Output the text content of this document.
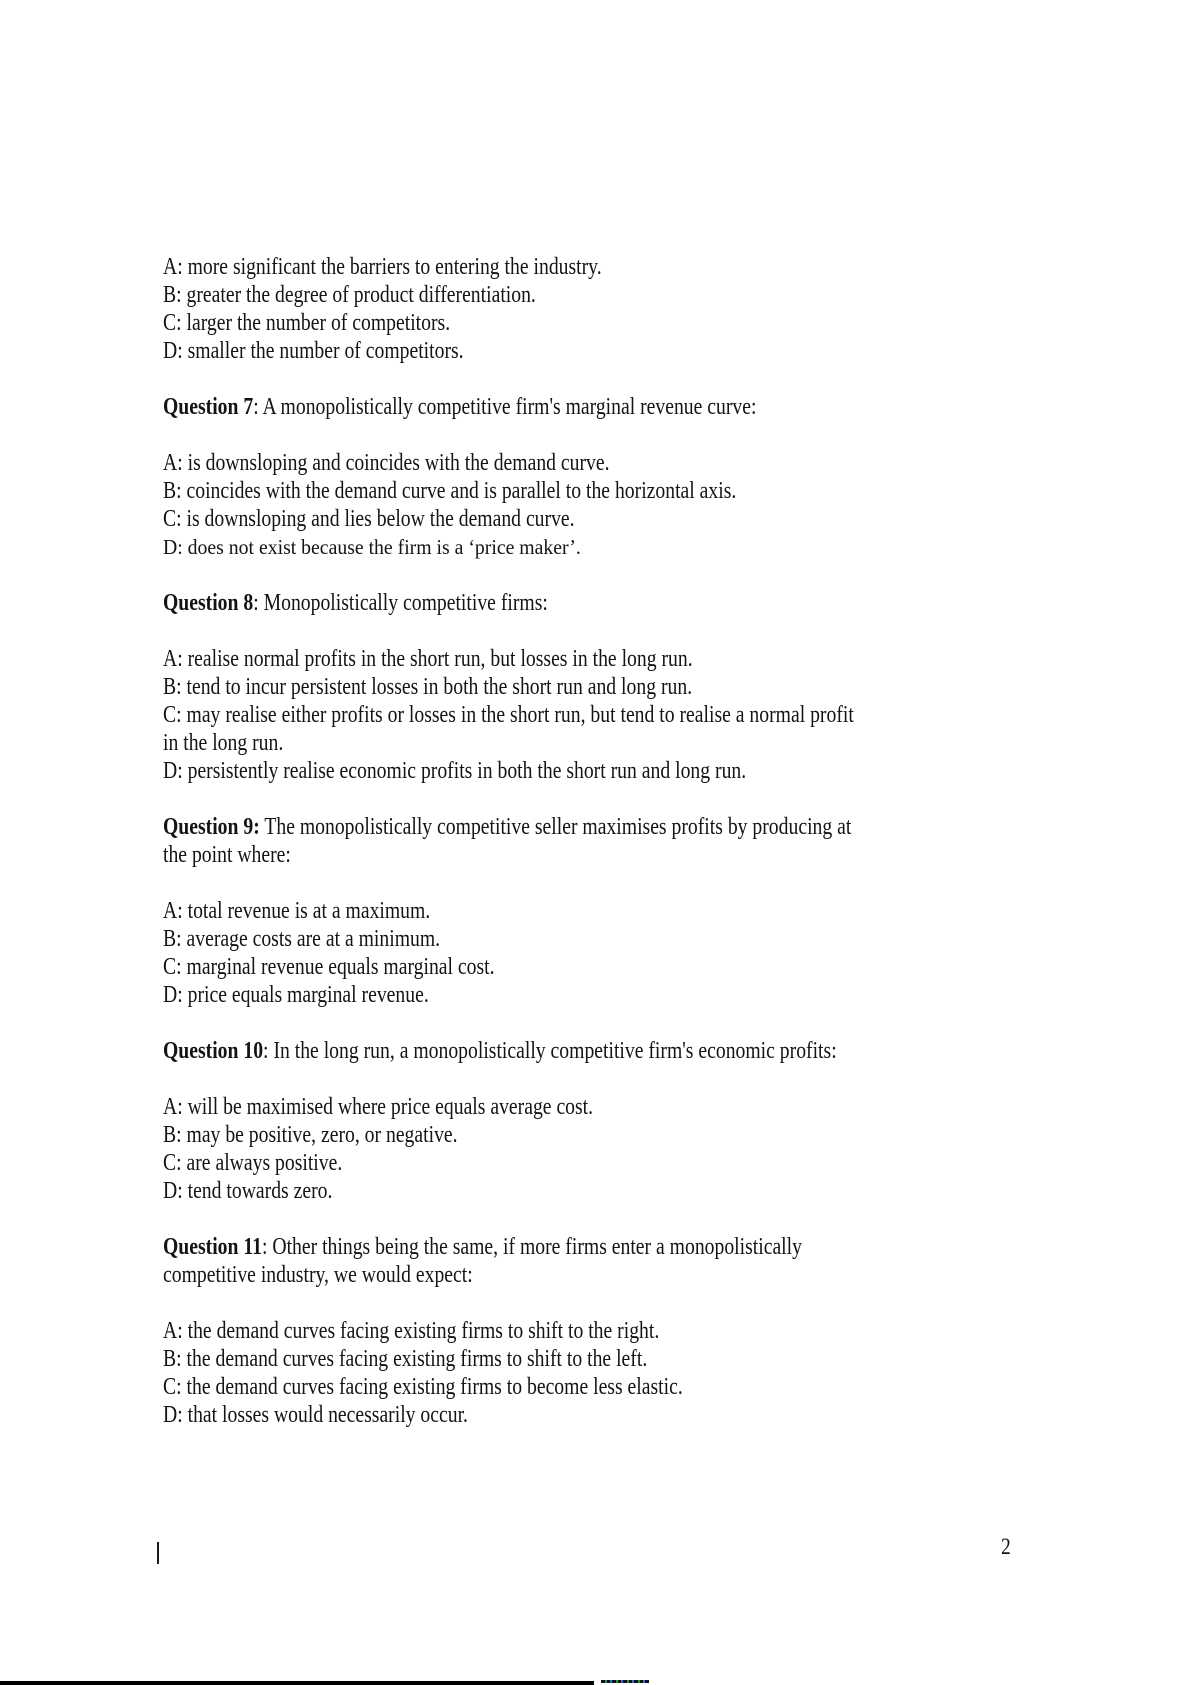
A: more significant the barriers to entering the industry.
B: greater the degree of product differentiation.
C: larger the number of competitors.
D: smaller the number of competitors.
Question 7: A monopolistically competitive firm's marginal revenue curve:
A: is downsloping and coincides with the demand curve.
B: coincides with the demand curve and is parallel to the horizontal axis.
C: is downsloping and lies below the demand curve.
D: does not exist because the firm is a ‘price maker’.
Question 8: Monopolistically competitive firms:
A: realise normal profits in the short run, but losses in the long run.
B: tend to incur persistent losses in both the short run and long run.
C: may realise either profits or losses in the short run, but tend to realise a normal profit
in the long run.
D: persistently realise economic profits in both the short run and long run.
Question 9: The monopolistically competitive seller maximises profits by producing at
the point where:
A: total revenue is at a maximum.
B: average costs are at a minimum.
C: marginal revenue equals marginal cost.
D: price equals marginal revenue.
Question 10: In the long run, a monopolistically competitive firm's economic profits:
A: will be maximised where price equals average cost.
B: may be positive, zero, or negative.
C: are always positive.
D: tend towards zero.
Question 11: Other things being the same, if more firms enter a monopolistically
competitive industry, we would expect:
A: the demand curves facing existing firms to shift to the right.
B: the demand curves facing existing firms to shift to the left.
C: the demand curves facing existing firms to become less elastic.
D: that losses would necessarily occur.
2
